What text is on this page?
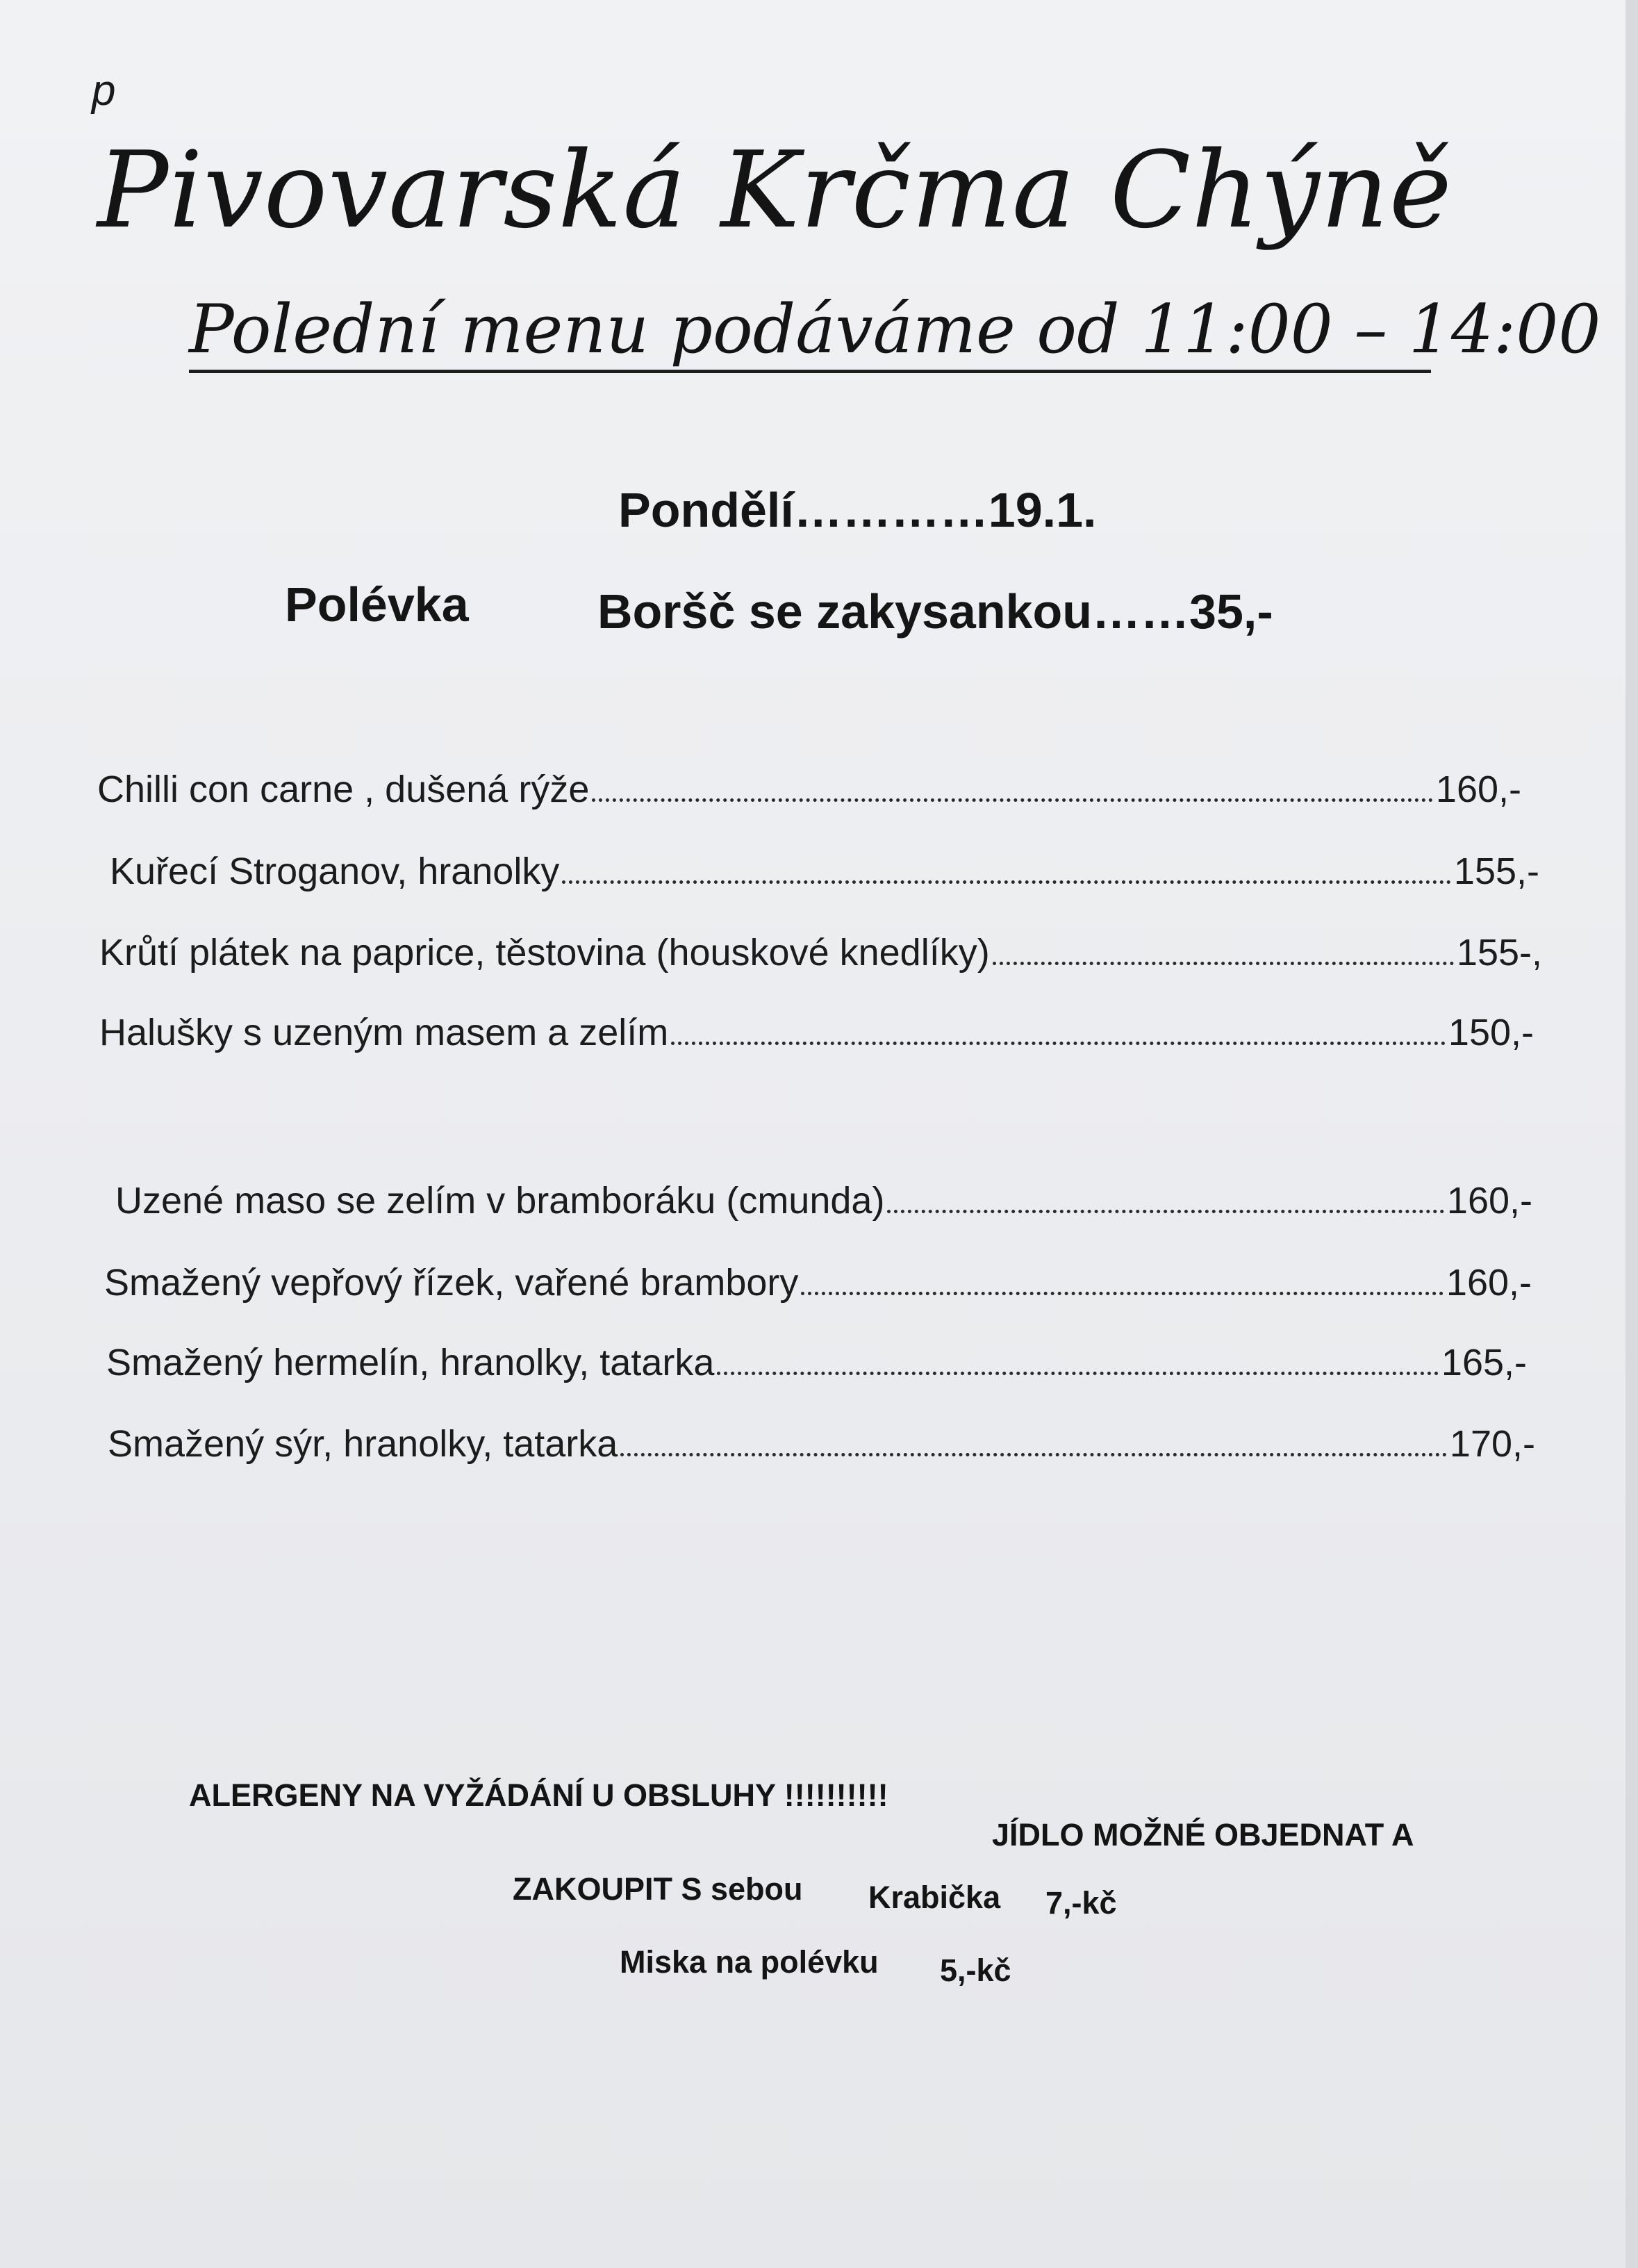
p
Pivovarská Krčma Chýně
Polední menu podáváme od 11:00 – 14:00
Pondělí…………19.1.
Polévka	Boršč se zakysankou……35,-
Chilli con carne , dušená rýže	160,-
Kuřecí Stroganov, hranolky	155,-
Krůtí plátek na paprice, těstovina (houskové knedlíky)	155-,
Halušky s uzeným masem a zelím	150,-
Uzené maso se zelím v bramboráku (cmunda)	160,-
Smažený vepřový řízek, vařené brambory	160,-
Smažený hermelín, hranolky, tatarka	165,-
Smažený sýr, hranolky, tatarka	170,-
ALERGENY NA VYŽÁDÁNÍ U OBSLUHY !!!!!!!!!!
JÍDLO MOŽNÉ OBJEDNAT A
ZAKOUPIT S sebou Krabička 7,-kč
Miska na polévku 5,-kč
